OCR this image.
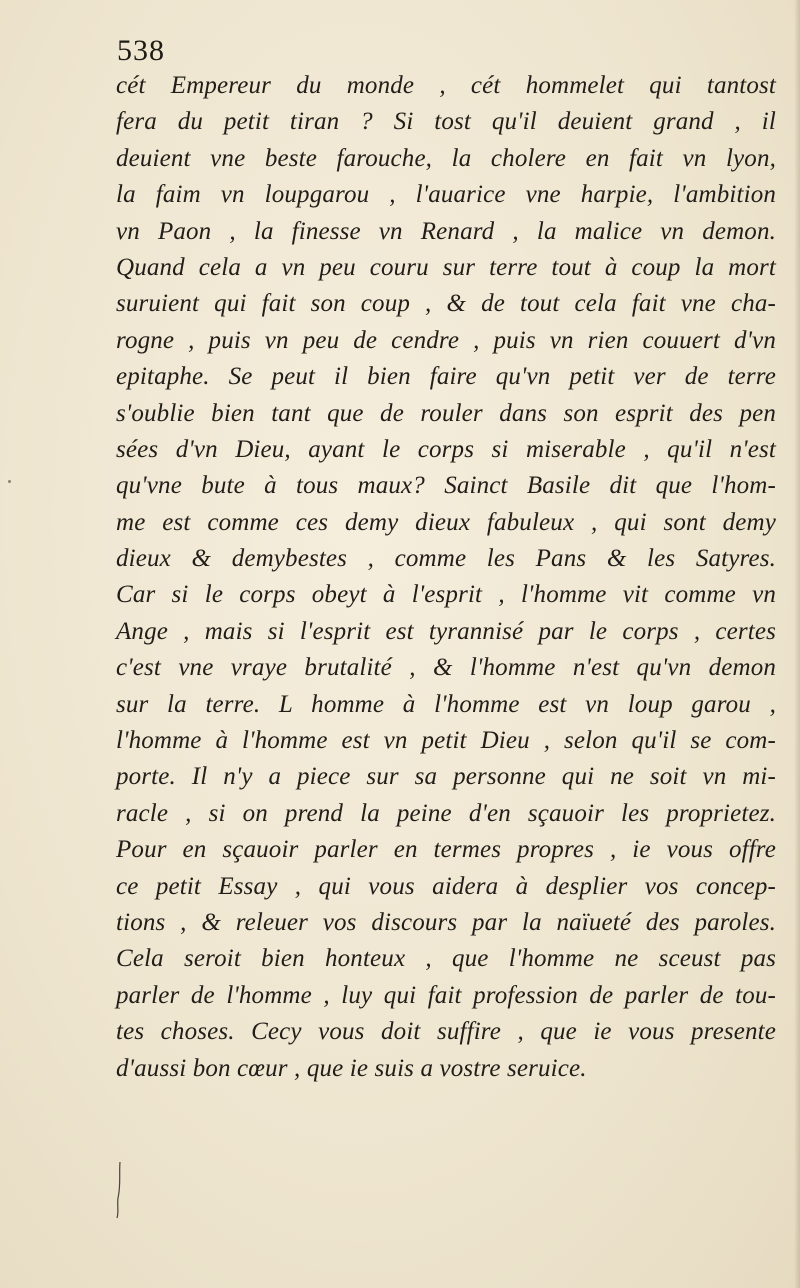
538
cét Empereur du monde , cét hommelet qui tantost
fera du petit tiran ? Si tost qu'il deuient grand , il
deuient vne beste farouche, la cholere en fait vn lyon,
la faim vn loupgarou , l'auarice vne harpie, l'ambition
vn Paon , la finesse vn Renard , la malice vn demon.
Quand cela a vn peu couru sur terre tout à coup la mort
suruient qui fait son coup , & de tout cela fait vne cha-
rogne , puis vn peu de cendre , puis vn rien couuert d'vn
epitaphe. Se peut il bien faire qu'vn petit ver de terre
s'oublie bien tant que de rouler dans son esprit des pen
sées d'vn Dieu, ayant le corps si miserable , qu'il n'est
qu'vne bute à tous maux? Sainct Basile dit que l'hom-
me est comme ces demy dieux fabuleux , qui sont demy
dieux & demybestes , comme les Pans & les Satyres.
Car si le corps obeyt à l'esprit , l'homme vit comme vn
Ange , mais si l'esprit est tyrannisé par le corps , certes
c'est vne vraye brutalité , & l'homme n'est qu'vn demon
sur la terre. L homme à l'homme est vn loup garou ,
l'homme à l'homme est vn petit Dieu , selon qu'il se com-
porte. Il n'y a piece sur sa personne qui ne soit vn mi-
racle , si on prend la peine d'en sçauoir les proprietez.
Pour en sçauoir parler en termes propres , ie vous offre
ce petit Essay , qui vous aidera à desplier vos concep-
tions , & releuer vos discours par la naïueté des paroles.
Cela seroit bien honteux , que l'homme ne sceust pas
parler de l'homme , luy qui fait profession de parler de tou-
tes choses. Cecy vous doit suffire , que ie vous presente
d'aussi bon cœur , que ie suis a vostre seruice.
